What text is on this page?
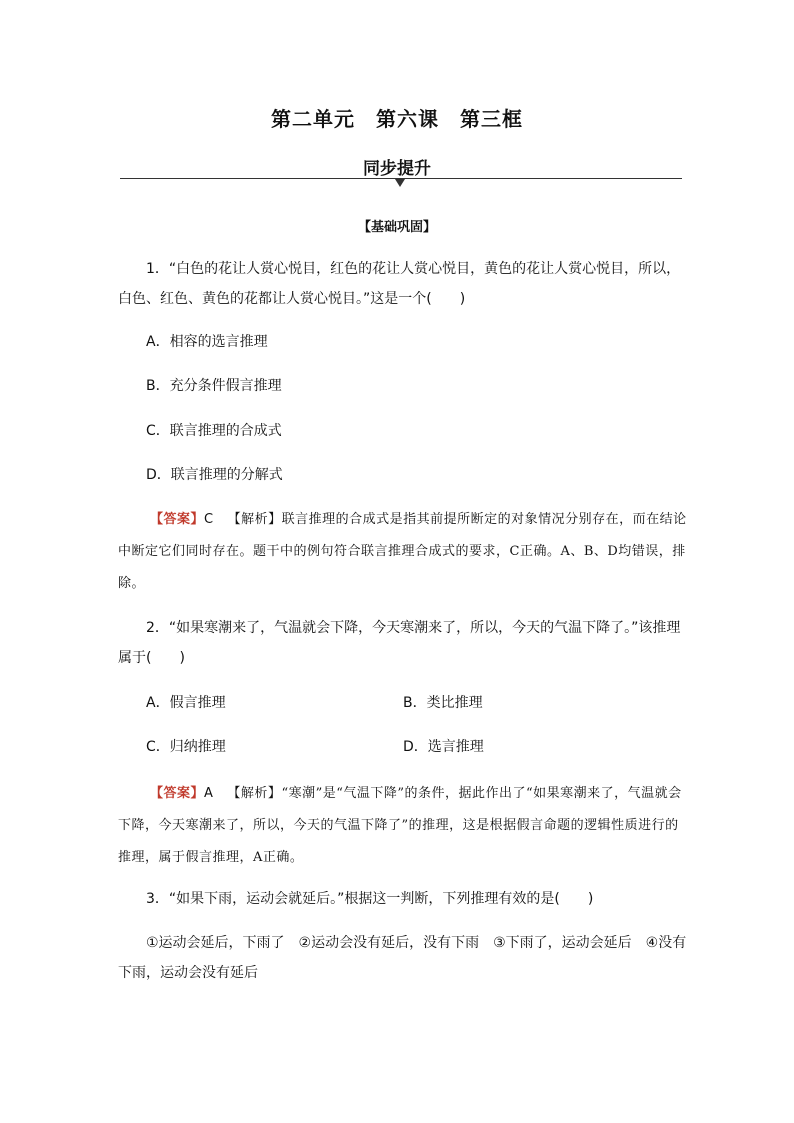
第二单元　第六课　第三框
同步提升
【基础巩固】
1．“白色的花让人赏心悦目，红色的花让人赏心悦目，黄色的花让人赏心悦目，所以，白色、红色、黄色的花都让人赏心悦目。”这是一个(　　)
A．相容的选言推理
B．充分条件假言推理
C．联言推理的合成式
D．联言推理的分解式
【答案】C 【解析】联言推理的合成式是指其前提所断定的对象情况分别存在，而在结论中断定它们同时存在。题干中的例句符合联言推理合成式的要求，C正确。A、B、D均错误，排除。
2．“如果寒潮来了，气温就会下降，今天寒潮来了，所以，今天的气温下降了。”该推理属于(　　)
A．假言推理	B．类比推理
C．归纳推理	D．选言推理
【答案】A 【解析】“寒潮”是“气温下降”的条件，据此作出了“如果寒潮来了，气温就会下降，今天寒潮来了，所以，今天的气温下降了”的推理，这是根据假言命题的逻辑性质进行的推理，属于假言推理，A正确。
3．“如果下雨，运动会就延后。”根据这一判断，下列推理有效的是(　　)
①运动会延后，下雨了　②运动会没有延后，没有下雨　③下雨了，运动会延后　④没有下雨，运动会没有延后
